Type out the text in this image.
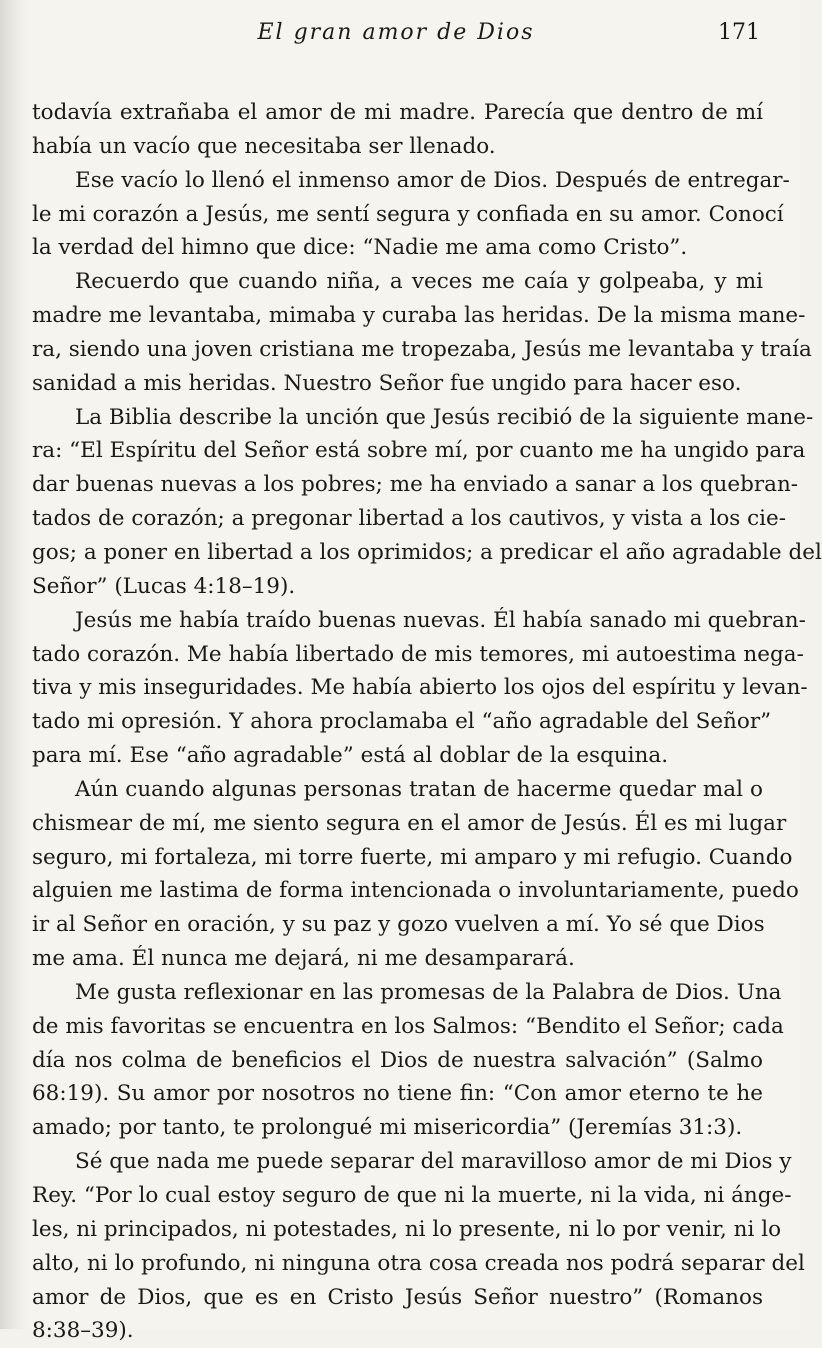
El gran amor de Dios	171
todavía extrañaba el amor de mi madre. Parecía que dentro de mí
había un vacío que necesitaba ser llenado.
Ese vacío lo llenó el inmenso amor de Dios. Después de entregar-
le mi corazón a Jesús, me sentí segura y confiada en su amor. Conocí
la verdad del himno que dice: “Nadie me ama como Cristo”.
Recuerdo que cuando niña, a veces me caía y golpeaba, y mi
madre me levantaba, mimaba y curaba las heridas. De la misma mane-
ra, siendo una joven cristiana me tropezaba, Jesús me levantaba y traía
sanidad a mis heridas. Nuestro Señor fue ungido para hacer eso.
La Biblia describe la unción que Jesús recibió de la siguiente mane-
ra: “El Espíritu del Señor está sobre mí, por cuanto me ha ungido para
dar buenas nuevas a los pobres; me ha enviado a sanar a los quebran-
tados de corazón; a pregonar libertad a los cautivos, y vista a los cie-
gos; a poner en libertad a los oprimidos; a predicar el año agradable del
Señor” (Lucas 4:18–19).
Jesús me había traído buenas nuevas. Él había sanado mi quebran-
tado corazón. Me había libertado de mis temores, mi autoestima nega-
tiva y mis inseguridades. Me había abierto los ojos del espíritu y levan-
tado mi opresión. Y ahora proclamaba el “año agradable del Señor”
para mí. Ese “año agradable” está al doblar de la esquina.
Aún cuando algunas personas tratan de hacerme quedar mal o
chismear de mí, me siento segura en el amor de Jesús. Él es mi lugar
seguro, mi fortaleza, mi torre fuerte, mi amparo y mi refugio. Cuando
alguien me lastima de forma intencionada o involuntariamente, puedo
ir al Señor en oración, y su paz y gozo vuelven a mí. Yo sé que Dios
me ama. Él nunca me dejará, ni me desamparará.
Me gusta reflexionar en las promesas de la Palabra de Dios. Una
de mis favoritas se encuentra en los Salmos: “Bendito el Señor; cada
día nos colma de beneficios el Dios de nuestra salvación” (Salmo
68:19). Su amor por nosotros no tiene fin: “Con amor eterno te he
amado; por tanto, te prolongué mi misericordia” (Jeremías 31:3).
Sé que nada me puede separar del maravilloso amor de mi Dios y
Rey. “Por lo cual estoy seguro de que ni la muerte, ni la vida, ni ánge-
les, ni principados, ni potestades, ni lo presente, ni lo por venir, ni lo
alto, ni lo profundo, ni ninguna otra cosa creada nos podrá separar del
amor de Dios, que es en Cristo Jesús Señor nuestro” (Romanos
8:38–39).
